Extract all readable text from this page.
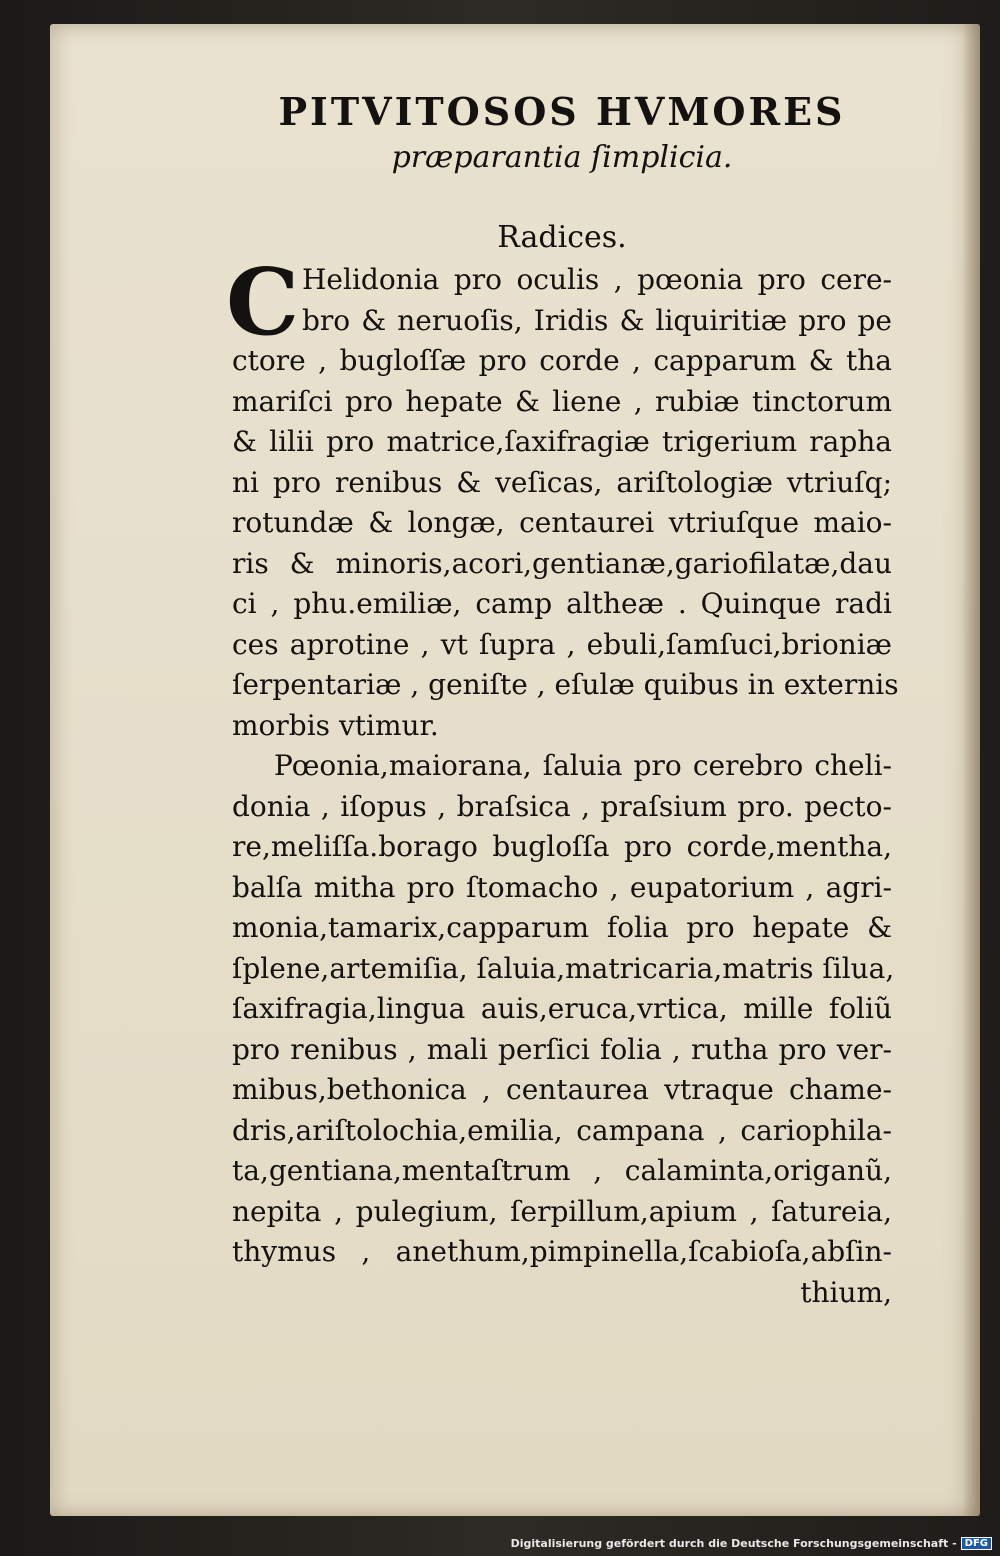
PITVITOSOS HVMORES
præparantia ſimplicia.
Radices.
C Helidonia pro oculis , pœonia pro cere-
bro & neruoſis, Iridis & liquiritiæ pro pe
ctore , bugloſſæ pro corde , capparum & tha
mariſci pro hepate & liene , rubiæ tinctorum
& lilii pro matrice,ſaxifragiæ trigerium rapha
ni pro renibus & veſicas, ariſtologiæ vtriuſq;
rotundæ & longæ, centaurei vtriuſque maio-
ris & minoris,acori,gentianæ,gariofilatæ,dau
ci , phu.emiliæ, camp altheæ . Quinque radi
ces aprotine , vt ſupra , ebuli,ſamſuci,brioniæ
ſerpentariæ , geniſte , eſulæ quibus in externis
morbis vtimur.
Pœonia,maiorana, ſaluia pro cerebro cheli-
donia , iſopus , braſsica , praſsium pro. pecto-
re,meliſſa.borago bugloſſa pro corde,mentha,
balſa mitha pro ſtomacho , eupatorium , agri-
monia,tamarix,capparum folia pro hepate &
ſplene,artemiſia, ſaluia,matricaria,matris ſilua,
ſaxifragia,lingua auis,eruca,vrtica, mille foliũ
pro renibus , mali perſici folia , rutha pro ver-
mibus,bethonica , centaurea vtraque chame-
dris,ariſtolochia,emilia, campana , cariophila-
ta,gentiana,mentaſtrum , calaminta,origanũ,
nepita , pulegium, ſerpillum,apium , ſatureia,
thymus , anethum,pimpinella,ſcabioſa,abſin-
thium,
Digitalisierung gefördert durch die Deutsche Forschungsgemeinschaft - DFG
